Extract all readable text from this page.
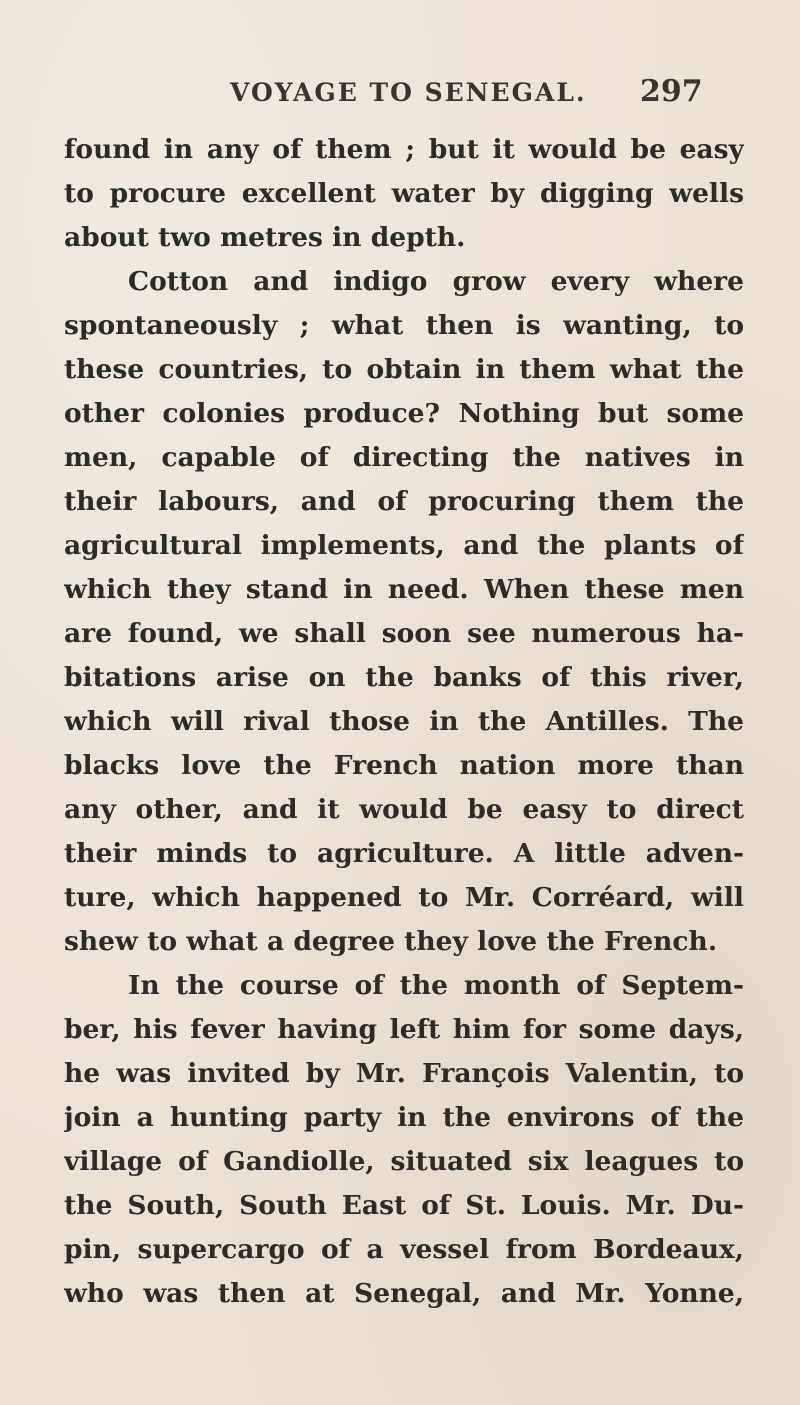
VOYAGE TO SENEGAL. 297
found in any of them ; but it would be easy
to procure excellent water by digging wells
about two metres in depth.
Cotton and indigo grow every where
spontaneously ; what then is wanting, to
these countries, to obtain in them what the
other colonies produce? Nothing but some
men, capable of directing the natives in
their labours, and of procuring them the
agricultural implements, and the plants of
which they stand in need. When these men
are found, we shall soon see numerous ha-
bitations arise on the banks of this river,
which will rival those in the Antilles. The
blacks love the French nation more than
any other, and it would be easy to direct
their minds to agriculture. A little adven-
ture, which happened to Mr. Corréard, will
shew to what a degree they love the French.
In the course of the month of Septem-
ber, his fever having left him for some days,
he was invited by Mr. François Valentin, to
join a hunting party in the environs of the
village of Gandiolle, situated six leagues to
the South, South East of St. Louis. Mr. Du-
pin, supercargo of a vessel from Bordeaux,
who was then at Senegal, and Mr. Yonne,
